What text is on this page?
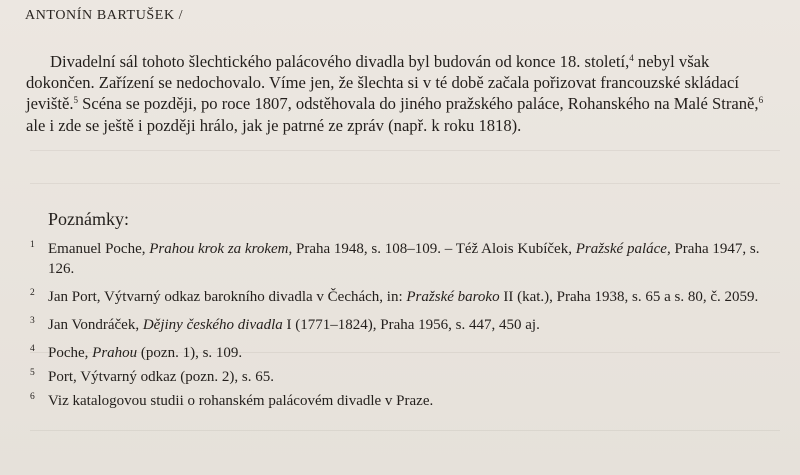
ANTONÍN BARTUŠEK /

Divadelní sál tohoto šlechtického palácového divadla byl budován od konce 18. století,$^4$ nebyl však dokončen. Zařízení se nedochovalo. Víme jen, že šlechta si v té době začala pořizovat francouzské skládací jeviště.$^5$ Scéna se později, po roce 1807, odstěhovala do jiného pražského paláce, Rohanského na Malé Straně,$^6$ ale i zde se ještě i později hrálo, jak je patrné ze zpráv (např. k roku 1818).

Poznámky:

1 Emanuel Poche, Prahou krok za krokem, Praha 1948, s. 108–109. – Též Alois Kubíček, Pražské paláce, Praha 1947, s. 126.
2 Jan Port, Výtvarný odkaz barokního divadla v Čechách, in: Pražské baroko II (kat.), Praha 1938, s. 65 a s. 80, č. 2059.
3 Jan Vondráček, Dějiny českého divadla I (1771–1824), Praha 1956, s. 447, 450 aj.
4 Poche, Prahou (pozn. 1), s. 109.
5 Port, Výtvarný odkaz (pozn. 2), s. 65.
6 Viz katalogovou studii o rohanském palácovém divadle v Praze.
